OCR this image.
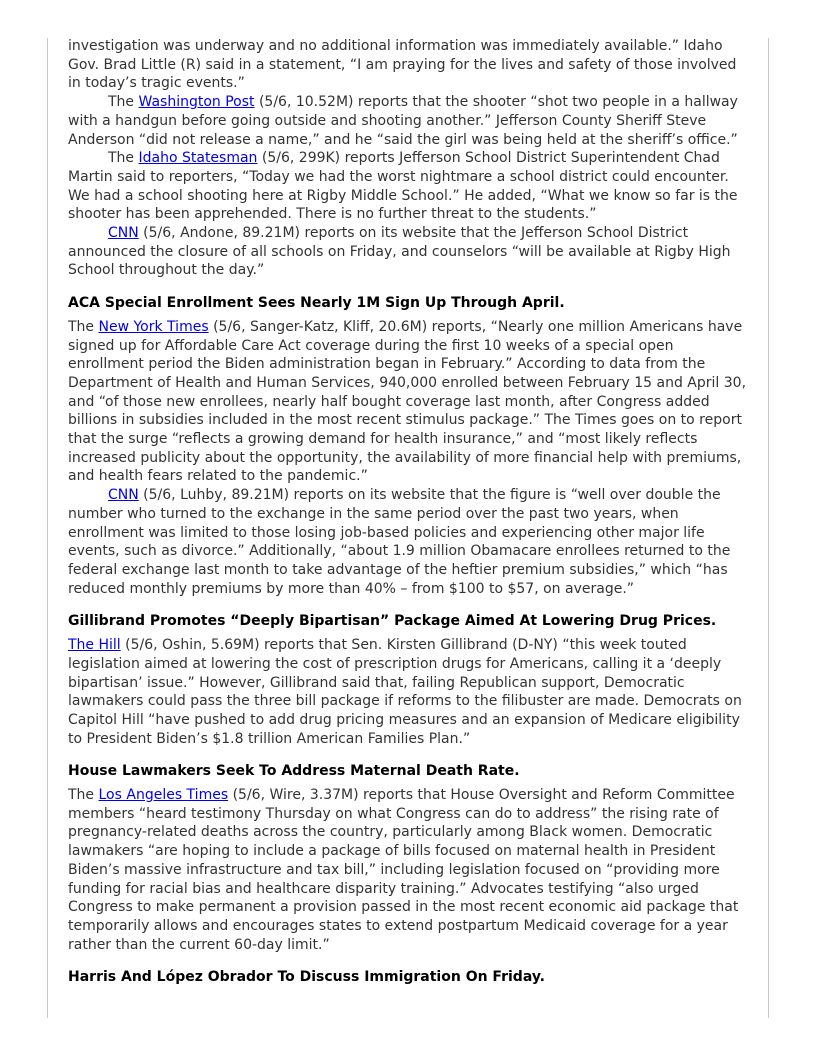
investigation was underway and no additional information was immediately available.” Idaho Gov. Brad Little (R) said in a statement, “I am praying for the lives and safety of those involved in today’s tragic events.”

The Washington Post (5/6, 10.52M) reports that the shooter “shot two people in a hallway with a handgun before going outside and shooting another.” Jefferson County Sheriff Steve Anderson “did not release a name,” and he “said the girl was being held at the sheriff’s office.”

The Idaho Statesman (5/6, 299K) reports Jefferson School District Superintendent Chad Martin said to reporters, “Today we had the worst nightmare a school district could encounter. We had a school shooting here at Rigby Middle School.” He added, “What we know so far is the shooter has been apprehended. There is no further threat to the students.”

CNN (5/6, Andone, 89.21M) reports on its website that the Jefferson School District announced the closure of all schools on Friday, and counselors “will be available at Rigby High School throughout the day.”

ACA Special Enrollment Sees Nearly 1M Sign Up Through April.

The New York Times (5/6, Sanger-Katz, Kliff, 20.6M) reports, “Nearly one million Americans have signed up for Affordable Care Act coverage during the first 10 weeks of a special open enrollment period the Biden administration began in February.” According to data from the Department of Health and Human Services, 940,000 enrolled between February 15 and April 30, and “of those new enrollees, nearly half bought coverage last month, after Congress added billions in subsidies included in the most recent stimulus package.” The Times goes on to report that the surge “reflects a growing demand for health insurance,” and “most likely reflects increased publicity about the opportunity, the availability of more financial help with premiums, and health fears related to the pandemic.”

CNN (5/6, Luhby, 89.21M) reports on its website that the figure is “well over double the number who turned to the exchange in the same period over the past two years, when enrollment was limited to those losing job-based policies and experiencing other major life events, such as divorce.” Additionally, “about 1.9 million Obamacare enrollees returned to the federal exchange last month to take advantage of the heftier premium subsidies,” which “has reduced monthly premiums by more than 40% – from $100 to $57, on average.”

Gillibrand Promotes “Deeply Bipartisan” Package Aimed At Lowering Drug Prices.

The Hill (5/6, Oshin, 5.69M) reports that Sen. Kirsten Gillibrand (D-NY) “this week touted legislation aimed at lowering the cost of prescription drugs for Americans, calling it a ‘deeply bipartisan’ issue.” However, Gillibrand said that, failing Republican support, Democratic lawmakers could pass the three bill package if reforms to the filibuster are made. Democrats on Capitol Hill “have pushed to add drug pricing measures and an expansion of Medicare eligibility to President Biden’s $1.8 trillion American Families Plan.”

House Lawmakers Seek To Address Maternal Death Rate.

The Los Angeles Times (5/6, Wire, 3.37M) reports that House Oversight and Reform Committee members “heard testimony Thursday on what Congress can do to address” the rising rate of pregnancy-related deaths across the country, particularly among Black women. Democratic lawmakers “are hoping to include a package of bills focused on maternal health in President Biden’s massive infrastructure and tax bill,” including legislation focused on “providing more funding for racial bias and healthcare disparity training.” Advocates testifying “also urged Congress to make permanent a provision passed in the most recent economic aid package that temporarily allows and encourages states to extend postpartum Medicaid coverage for a year rather than the current 60-day limit.”

Harris And López Obrador To Discuss Immigration On Friday.
